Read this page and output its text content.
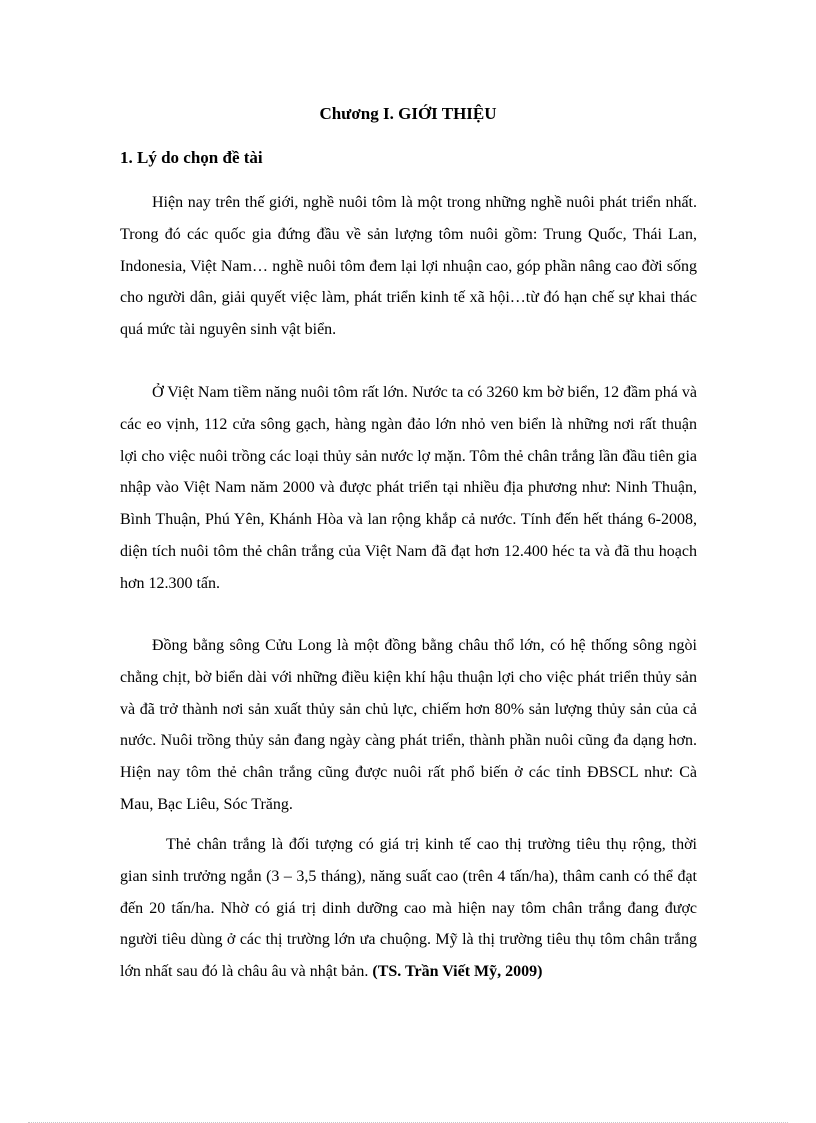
Chương I. GIỚI THIỆU
1. Lý do chọn đề tài

Hiện nay trên thế giới, nghề nuôi tôm là một trong những nghề nuôi phát triển nhất. Trong đó các quốc gia đứng đầu về sản lượng tôm nuôi gồm: Trung Quốc, Thái Lan, Indonesia, Việt Nam… nghề nuôi tôm đem lại lợi nhuận cao, góp phần nâng cao đời sống cho người dân, giải quyết việc làm, phát triển kinh tế xã hội…từ đó hạn chế sự khai thác quá mức tài nguyên sinh vật biển.

Ở Việt Nam tiềm năng nuôi tôm rất lớn. Nước ta có 3260 km bờ biển, 12 đầm phá và các eo vịnh, 112 cửa sông gạch, hàng ngàn đảo lớn nhỏ ven biển là những nơi rất thuận lợi cho việc nuôi trồng các loại thủy sản nước lợ mặn. Tôm thẻ chân trắng lần đầu tiên gia nhập vào Việt Nam năm 2000 và được phát triển tại nhiều địa phương như: Ninh Thuận, Bình Thuận, Phú Yên, Khánh Hòa và lan rộng khắp cả nước. Tính đến hết tháng 6-2008, diện tích nuôi tôm thẻ chân trắng của Việt Nam đã đạt hơn 12.400 héc ta và đã thu hoạch hơn 12.300 tấn.

Đồng bằng sông Cửu Long là một đồng bằng châu thổ lớn, có hệ thống sông ngòi chằng chịt, bờ biển dài với những điều kiện khí hậu thuận lợi cho việc phát triển thủy sản và đã trở thành nơi sản xuất thủy sản chủ lực, chiếm hơn 80% sản lượng thủy sản của cả nước. Nuôi trồng thủy sản đang ngày càng phát triển, thành phần nuôi cũng đa dạng hơn. Hiện nay tôm thẻ chân trắng cũng được nuôi rất phổ biến ở các tỉnh ĐBSCL như: Cà Mau, Bạc Liêu, Sóc Trăng.

Thẻ chân trắng là đối tượng có giá trị kinh tế cao thị trường tiêu thụ rộng, thời gian sinh trưởng ngắn (3 – 3,5 tháng), năng suất cao (trên 4 tấn/ha), thâm canh có thể đạt đến 20 tấn/ha. Nhờ có giá trị dinh dưỡng cao mà hiện nay tôm chân trắng đang được người tiêu dùng ở các thị trường lớn ưa chuộng. Mỹ là thị trường tiêu thụ tôm chân trắng lớn nhất sau đó là châu âu và nhật bản. (TS. Trần Viết Mỹ, 2009)
